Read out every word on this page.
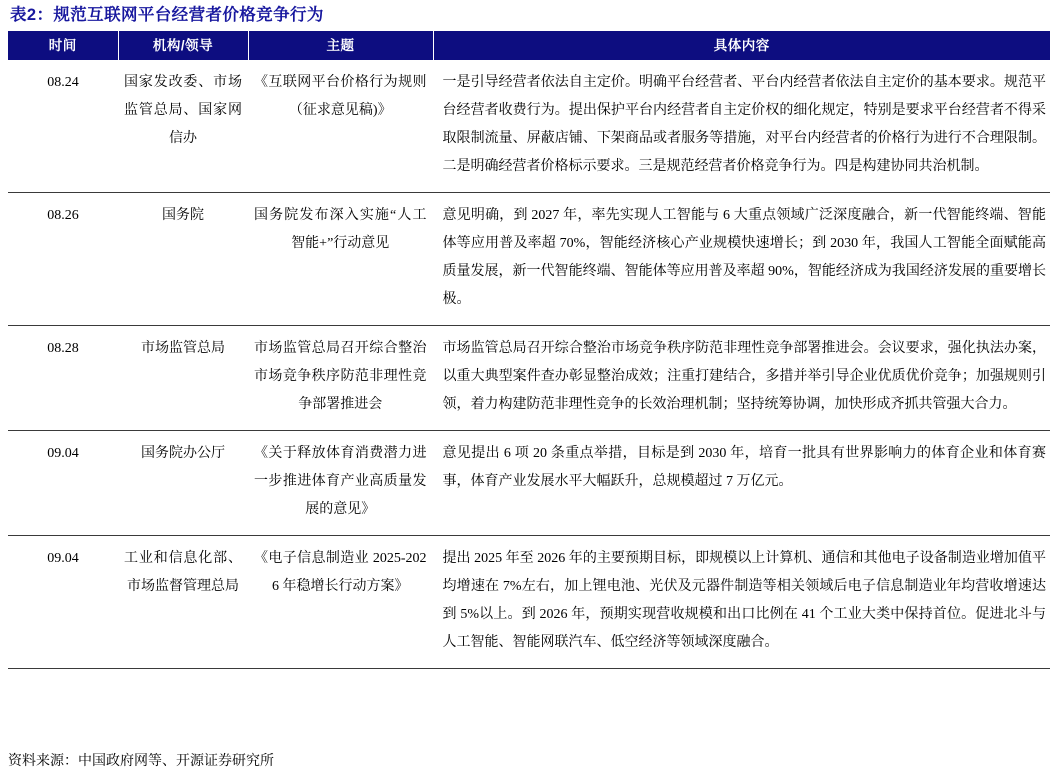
表2：规范互联网平台经营者价格竞争行为
时间	机构/领导	主题	具体内容
08.24	国家发改委、市场监管总局、国家网信办	《互联网平台价格行为规则（征求意见稿)》	一是引导经营者依法自主定价。明确平台经营者、平台内经营者依法自主定价的基本要求。规范平台经营者收费行为。提出保护平台内经营者自主定价权的细化规定，特别是要求平台经营者不得采取限制流量、屏蔽店铺、下架商品或者服务等措施，对平台内经营者的价格行为进行不合理限制。二是明确经营者价格标示要求。三是规范经营者价格竞争行为。四是构建协同共治机制。
08.26	国务院	国务院发布深入实施“人工智能+”行动意见	意见明确，到 2027 年，率先实现人工智能与 6 大重点领域广泛深度融合，新一代智能终端、智能体等应用普及率超 70%，智能经济核心产业规模快速增长；到 2030 年，我国人工智能全面赋能高质量发展，新一代智能终端、智能体等应用普及率超 90%，智能经济成为我国经济发展的重要增长极。
08.28	市场监管总局	市场监管总局召开综合整治市场竞争秩序防范非理性竞争部署推进会	市场监管总局召开综合整治市场竞争秩序防范非理性竞争部署推进会。会议要求，强化执法办案，以重大典型案件查办彰显整治成效；注重打建结合，多措并举引导企业优质优价竞争；加强规则引领，着力构建防范非理性竞争的长效治理机制；坚持统筹协调，加快形成齐抓共管强大合力。
09.04	国务院办公厅	《关于释放体育消费潜力进一步推进体育产业高质量发展的意见》	意见提出 6 项 20 条重点举措，目标是到 2030 年，培育一批具有世界影响力的体育企业和体育赛事，体育产业发展水平大幅跃升，总规模超过 7 万亿元。
09.04	工业和信息化部、市场监督管理总局	《电子信息制造业 2025-2026 年稳增长行动方案》	提出 2025 年至 2026 年的主要预期目标，即规模以上计算机、通信和其他电子设备制造业增加值平均增速在 7%左右，加上锂电池、光伏及元器件制造等相关领域后电子信息制造业年均营收增速达到 5%以上。到 2026 年，预期实现营收规模和出口比例在 41 个工业大类中保持首位。促进北斗与人工智能、智能网联汽车、低空经济等领域深度融合。
资料来源：中国政府网等、开源证券研究所
